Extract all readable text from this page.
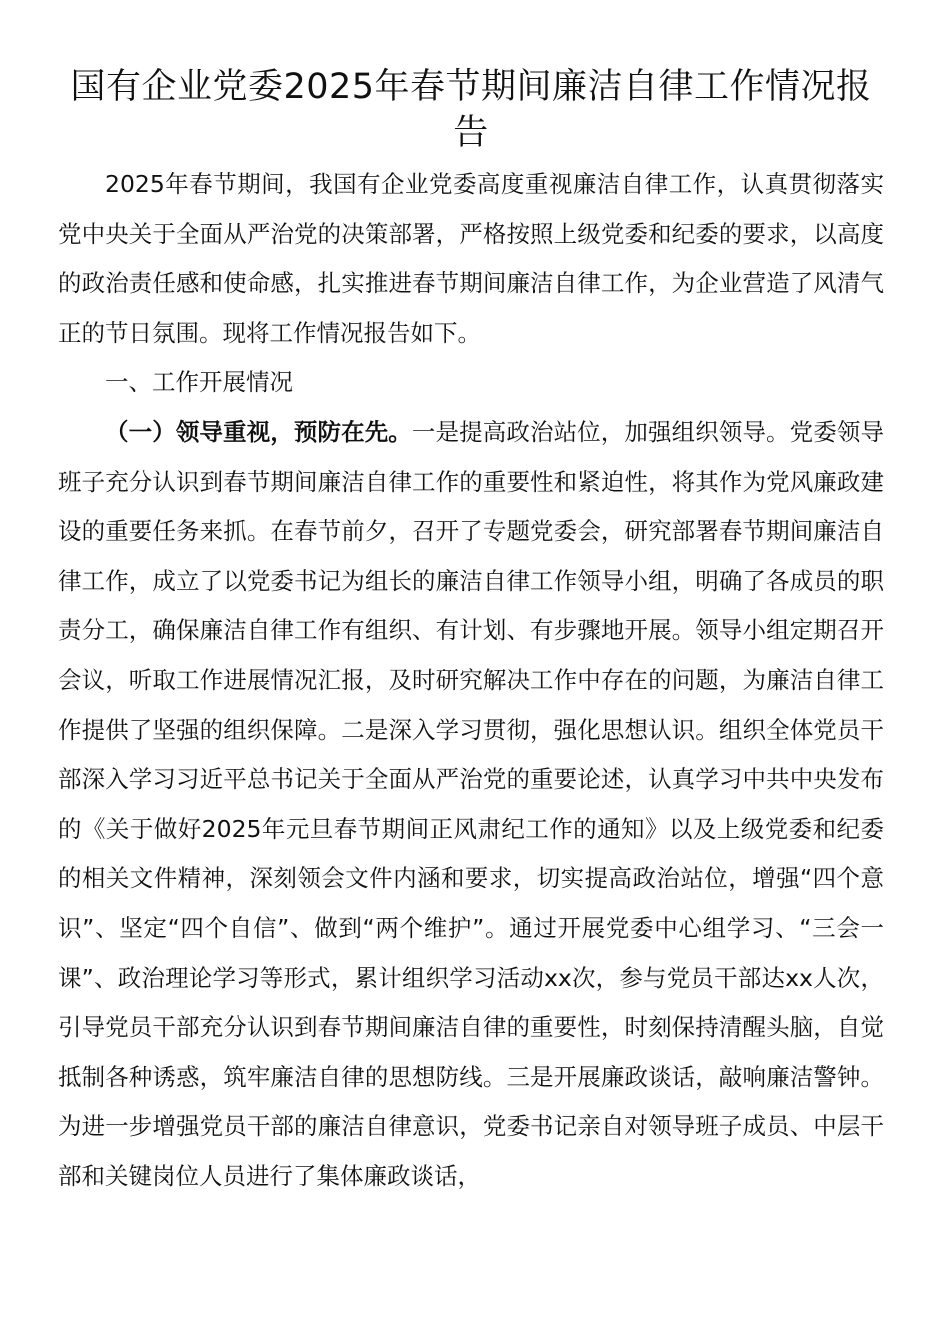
国有企业党委2025年春节期间廉洁自律工作情况报告

2025年春节期间，我国有企业党委高度重视廉洁自律工作，认真贯彻落实党中央关于全面从严治党的决策部署，严格按照上级党委和纪委的要求，以高度的政治责任感和使命感，扎实推进春节期间廉洁自律工作，为企业营造了风清气正的节日氛围。现将工作情况报告如下。

一、工作开展情况

（一）领导重视，预防在先。一是提高政治站位，加强组织领导。党委领导班子充分认识到春节期间廉洁自律工作的重要性和紧迫性，将其作为党风廉政建设的重要任务来抓。在春节前夕，召开了专题党委会，研究部署春节期间廉洁自律工作，成立了以党委书记为组长的廉洁自律工作领导小组，明确了各成员的职责分工，确保廉洁自律工作有组织、有计划、有步骤地开展。领导小组定期召开会议，听取工作进展情况汇报，及时研究解决工作中存在的问题，为廉洁自律工作提供了坚强的组织保障。二是深入学习贯彻，强化思想认识。组织全体党员干部深入学习习近平总书记关于全面从严治党的重要论述，认真学习中共中央发布的《关于做好2025年元旦春节期间正风肃纪工作的通知》以及上级党委和纪委的相关文件精神，深刻领会文件内涵和要求，切实提高政治站位，增强“四个意识”、坚定“四个自信”、做到“两个维护”。通过开展党委中心组学习、“三会一课”、政治理论学习等形式，累计组织学习活动xx次，参与党员干部达xx人次，引导党员干部充分认识到春节期间廉洁自律的重要性，时刻保持清醒头脑，自觉抵制各种诱惑，筑牢廉洁自律的思想防线。三是开展廉政谈话，敲响廉洁警钟。为进一步增强党员干部的廉洁自律意识，党委书记亲自对领导班子成员、中层干部和关键岗位人员进行了集体廉政谈话，
